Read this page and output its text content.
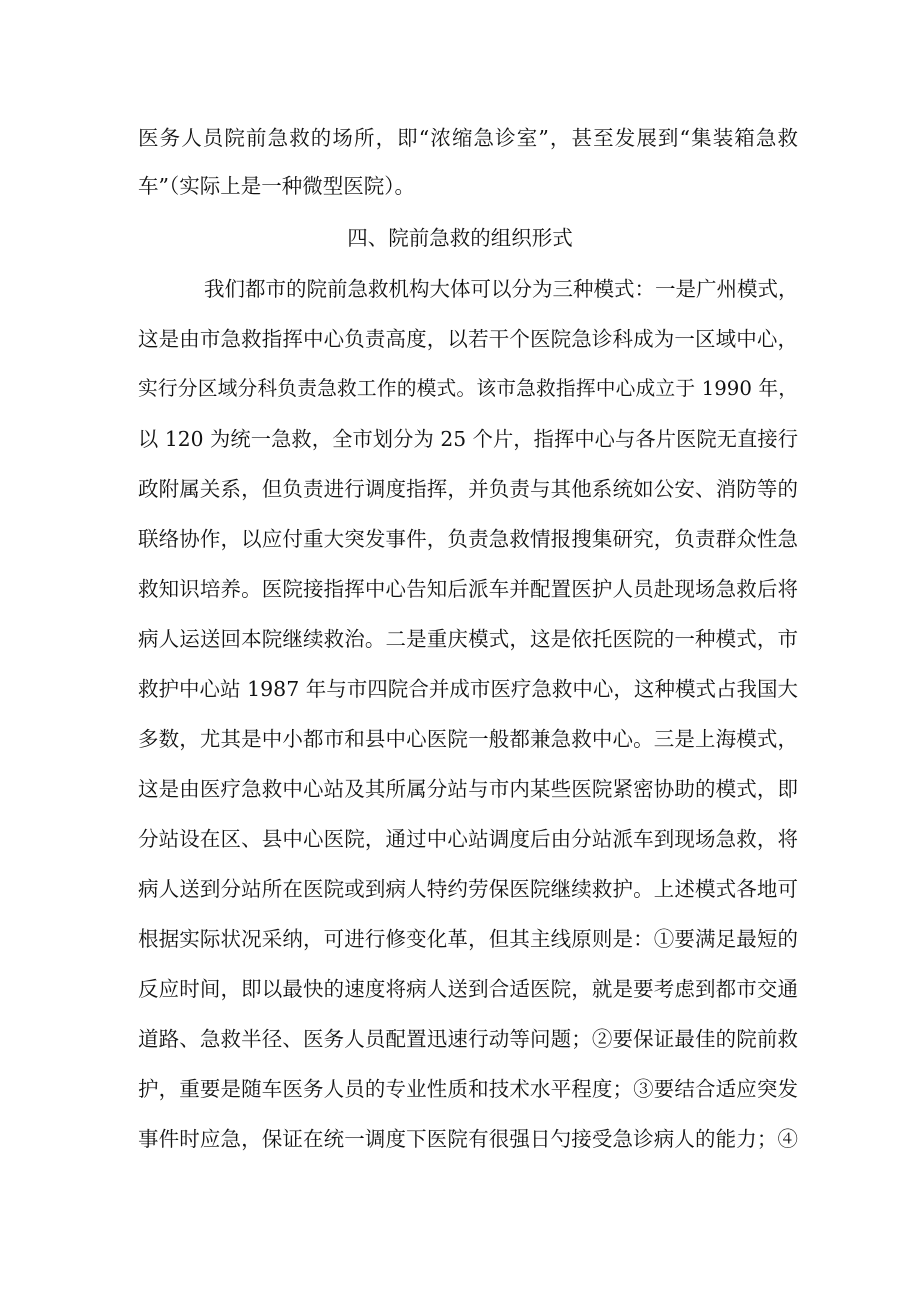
医务人员院前急救的场所，即“浓缩急诊室”，甚至发展到“集装箱急救
车”（实际上是一种微型医院）。
四、院前急救的组织形式
我们都市的院前急救机构大体可以分为三种模式：一是广州模式，
这是由市急救指挥中心负责高度，以若干个医院急诊科成为一区域中心，
实行分区域分科负责急救工作的模式。该市急救指挥中心成立于 1990 年，
以 120 为统一急救，全市划分为 25 个片，指挥中心与各片医院无直接行
政附属关系，但负责进行调度指挥，并负责与其他系统如公安、消防等的
联络协作，以应付重大突发事件，负责急救情报搜集研究，负责群众性急
救知识培养。医院接指挥中心告知后派车并配置医护人员赴现场急救后将
病人运送回本院继续救治。二是重庆模式，这是依托医院的一种模式，市
救护中心站 1987 年与市四院合并成市医疗急救中心，这种模式占我国大
多数，尤其是中小都市和县中心医院一般都兼急救中心。三是上海模式，
这是由医疗急救中心站及其所属分站与市内某些医院紧密协助的模式，即
分站设在区、县中心医院，通过中心站调度后由分站派车到现场急救，将
病人送到分站所在医院或到病人特约劳保医院继续救护。上述模式各地可
根据实际状况采纳，可进行修变化革，但其主线原则是：①要满足最短的
反应时间，即以最快的速度将病人送到合适医院，就是要考虑到都市交通
道路、急救半径、医务人员配置迅速行动等问题；②要保证最佳的院前救
护，重要是随车医务人员的专业性质和技术水平程度；③要结合适应突发
事件时应急，保证在统一调度下医院有很强日勺接受急诊病人的能力；④
